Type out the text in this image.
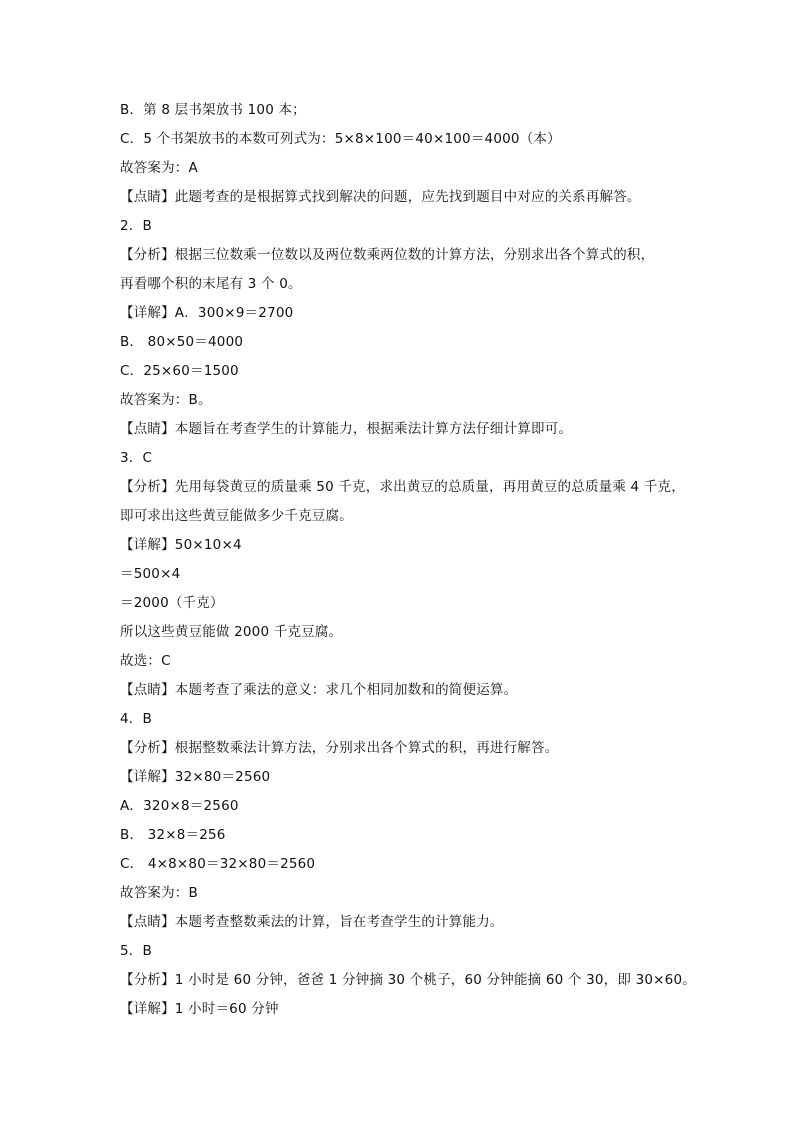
B．第 8 层书架放书 100 本；
C．5 个书架放书的本数可列式为：5×8×100＝40×100＝4000（本）
故答案为：A
【点睛】此题考查的是根据算式找到解决的问题，应先找到题目中对应的关系再解答。
2．B
【分析】根据三位数乘一位数以及两位数乘两位数的计算方法，分别求出各个算式的积，
再看哪个积的末尾有 3 个 0。
【详解】A．300×9＝2700
B． 80×50＝4000
C．25×60＝1500
故答案为：B。
【点睛】本题旨在考查学生的计算能力，根据乘法计算方法仔细计算即可。
3．C
【分析】先用每袋黄豆的质量乘 50 千克，求出黄豆的总质量，再用黄豆的总质量乘 4 千克，
即可求出这些黄豆能做多少千克豆腐。
【详解】50×10×4
＝500×4
＝2000（千克）
所以这些黄豆能做 2000 千克豆腐。
故选：C
【点睛】本题考查了乘法的意义：求几个相同加数和的简便运算。
4．B
【分析】根据整数乘法计算方法，分别求出各个算式的积，再进行解答。
【详解】32×80＝2560
A．320×8＝2560
B． 32×8＝256
C． 4×8×80＝32×80＝2560
故答案为：B
【点睛】本题考查整数乘法的计算，旨在考查学生的计算能力。
5．B
【分析】1 小时是 60 分钟，爸爸 1 分钟摘 30 个桃子，60 分钟能摘 60 个 30，即 30×60。
【详解】1 小时＝60 分钟
